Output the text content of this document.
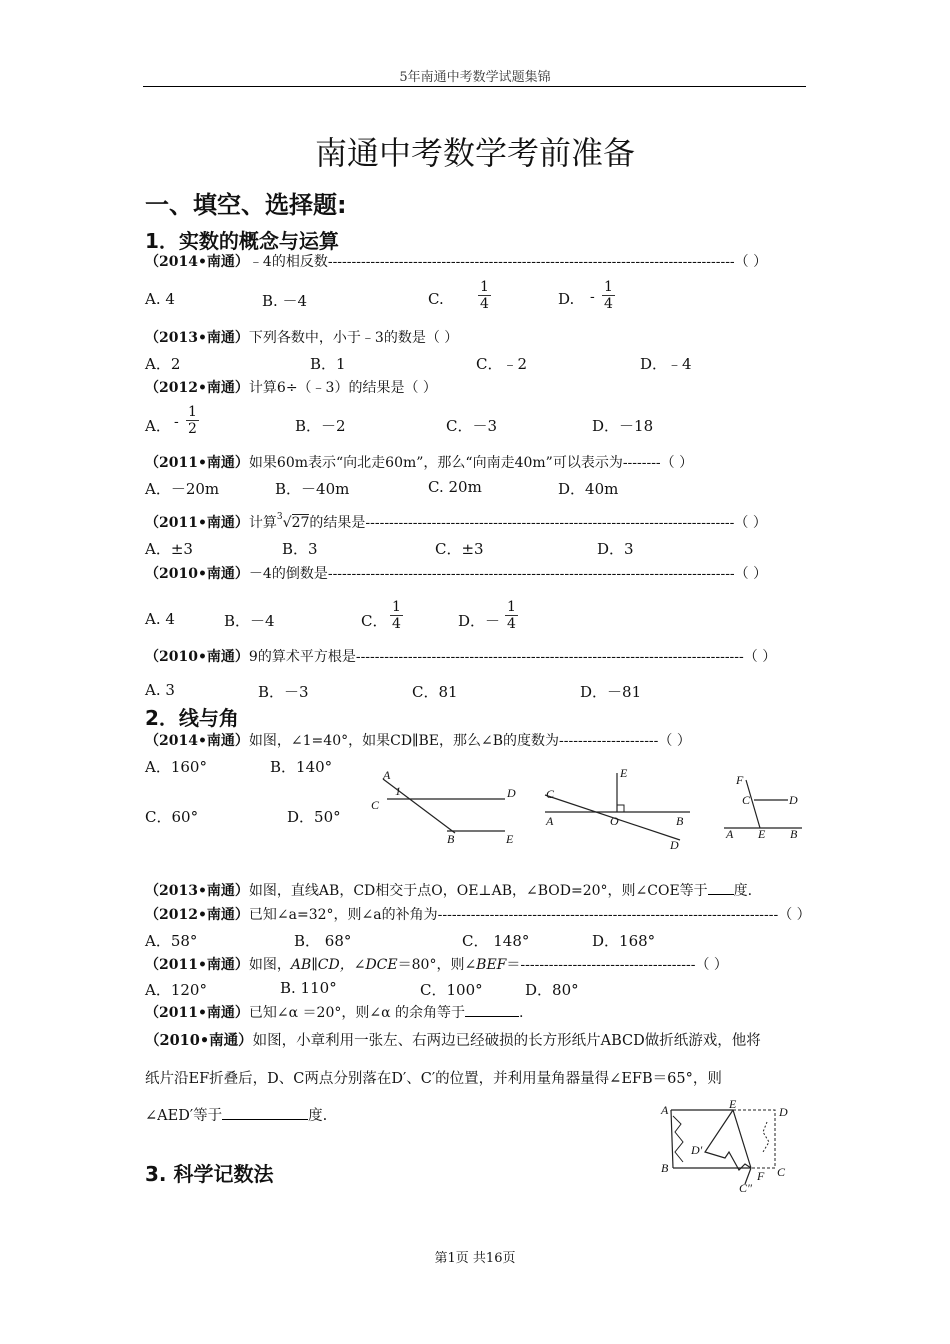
5年南通中考数学试题集锦
南通中考数学考前准备
一、填空、选择题:
1．实数的概念与运算
（2014•南通）﹣4的相反数--------------------------------------------------------------------------------------（ ）
A. 4	B. －4	C. $\frac{1}{4}$	D. - $\frac{1}{4}$
（2013•南通）下列各数中，小于﹣3的数是（ ）
A．2	B．1	C．﹣2	D．﹣4
（2012•南通）计算6÷（﹣3）的结果是（ ）
A． - $\frac{1}{2}$	B．－2	C．－3	D．－18
（2011•南通）如果60m表示“向北走60m”，那么“向南走40m”可以表示为--------（ ）
A．－20m	B．－40m	C. 20m	D．40m
（2011•南通）计算$^3$√27的结果是------------------------------------------------------------------------------（ ）
A．±3	B．3	C．±3	D．3
（2010•南通）－4的倒数是--------------------------------------------------------------------------------------（ ）
A. 4	B．－4	C． $\frac{1}{4}$	D．－ $\frac{1}{4}$
（2010•南通）9的算术平方根是----------------------------------------------------------------------------------（ ）
A. 3	B．－3	C．81	D．－81
2．线与角
（2014•南通）如图，∠1=40°，如果CD∥BE，那么∠B的度数为---------------------（ ）
A．160°	B．140°
C．60°	D．50°
A
1
C
D
B	E
E
C
A	O	B
D
F
C	D
A E B
（2013•南通）如图，直线AB，CD相交于点O，OE⊥AB，∠BOD=20°，则∠COE等于 度.
（2012•南通）已知∠a=32°，则∠a的补角为------------------------------------------------------------------------（ ）
A．58°	B． 68°	C． 148°	D．168°
（2011•南通）如图，AB∥CD，∠DCE＝80°，则∠BEF＝-------------------------------------（ ）
A．120°	B. 110°	C．100°	D．80°
（2011•南通）已知∠α ＝20°，则∠α 的余角等于	.
（2010•南通）如图，小章利用一张左、右两边已经破损的长方形纸片ABCD做折纸游戏，他将
纸片沿EF折叠后，D、C两点分别落在D′、C′的位置，并利用量角器量得∠EFB＝65°，则
∠AED′等于	度.	A	E
D
D′
B
F C
C″
3. 科学记数法
第1页 共16页
